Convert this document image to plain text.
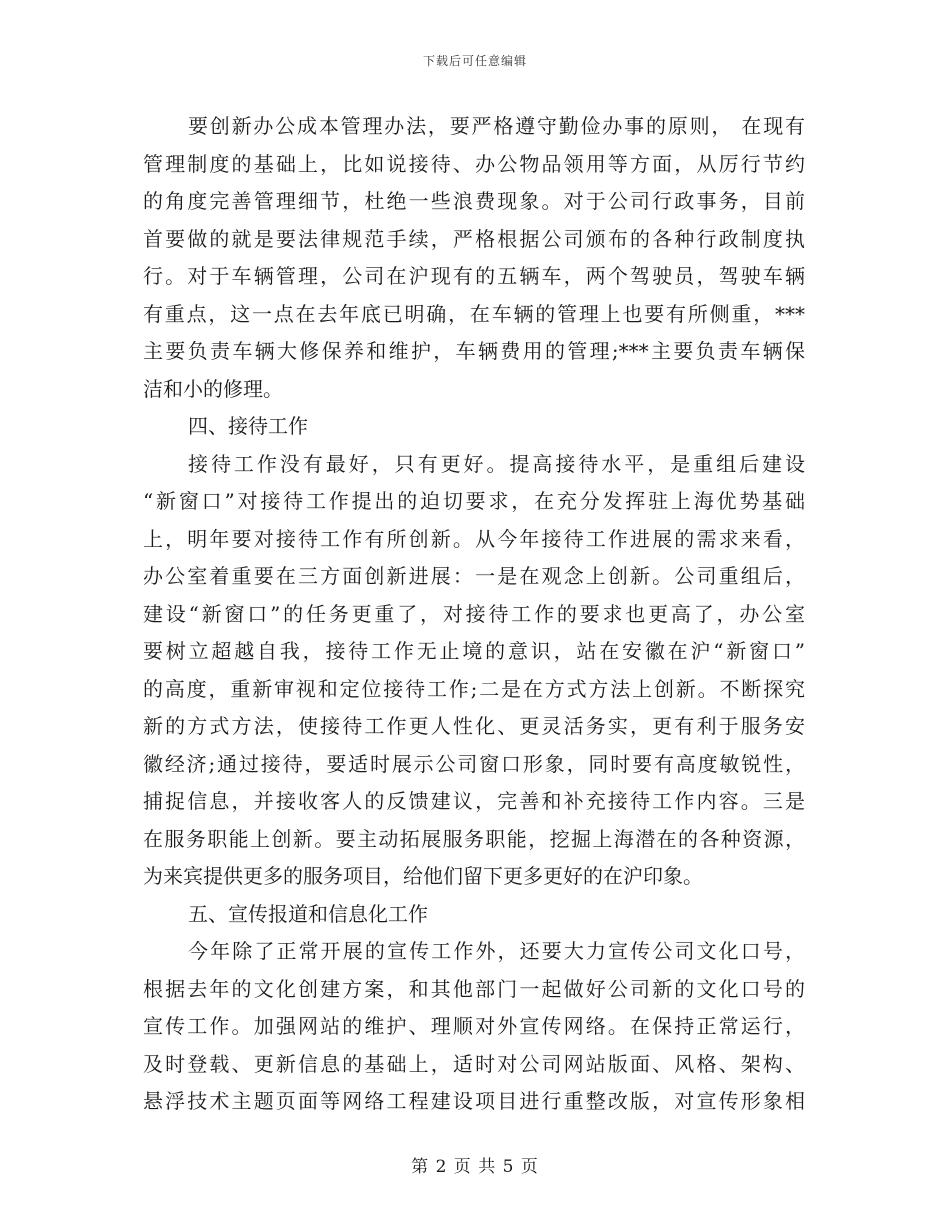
下载后可任意编辑
要创新办公成本管理办法，要严格遵守勤俭办事的原则， 在现有
管理制度的基础上，比如说接待、办公物品领用等方面，从厉行节约
的角度完善管理细节，杜绝一些浪费现象。对于公司行政事务，目前
首要做的就是要法律规范手续，严格根据公司颁布的各种行政制度执
行。对于车辆管理，公司在沪现有的五辆车，两个驾驶员，驾驶车辆
有重点，这一点在去年底已明确，在车辆的管理上也要有所侧重，***
主要负责车辆大修保养和维护，车辆费用的管理;***主要负责车辆保
洁和小的修理。
四、接待工作
接待工作没有最好，只有更好。提高接待水平，是重组后建设
“新窗口”对接待工作提出的迫切要求，在充分发挥驻上海优势基础
上，明年要对接待工作有所创新。从今年接待工作进展的需求来看，
办公室着重要在三方面创新进展：一是在观念上创新。公司重组后，
建设“新窗口”的任务更重了，对接待工作的要求也更高了，办公室
要树立超越自我，接待工作无止境的意识，站在安徽在沪“新窗口”
的高度，重新审视和定位接待工作;二是在方式方法上创新。不断探究
新的方式方法，使接待工作更人性化、更灵活务实，更有利于服务安
徽经济;通过接待，要适时展示公司窗口形象，同时要有高度敏锐性，
捕捉信息，并接收客人的反馈建议，完善和补充接待工作内容。三是
在服务职能上创新。要主动拓展服务职能，挖掘上海潜在的各种资源，
为来宾提供更多的服务项目，给他们留下更多更好的在沪印象。
五、宣传报道和信息化工作
今年除了正常开展的宣传工作外，还要大力宣传公司文化口号，
根据去年的文化创建方案，和其他部门一起做好公司新的文化口号的
宣传工作。加强网站的维护、理顺对外宣传网络。在保持正常运行，
及时登载、更新信息的基础上，适时对公司网站版面、风格、架构、
悬浮技术主题页面等网络工程建设项目进行重整改版，对宣传形象相
第 2 页 共 5 页
